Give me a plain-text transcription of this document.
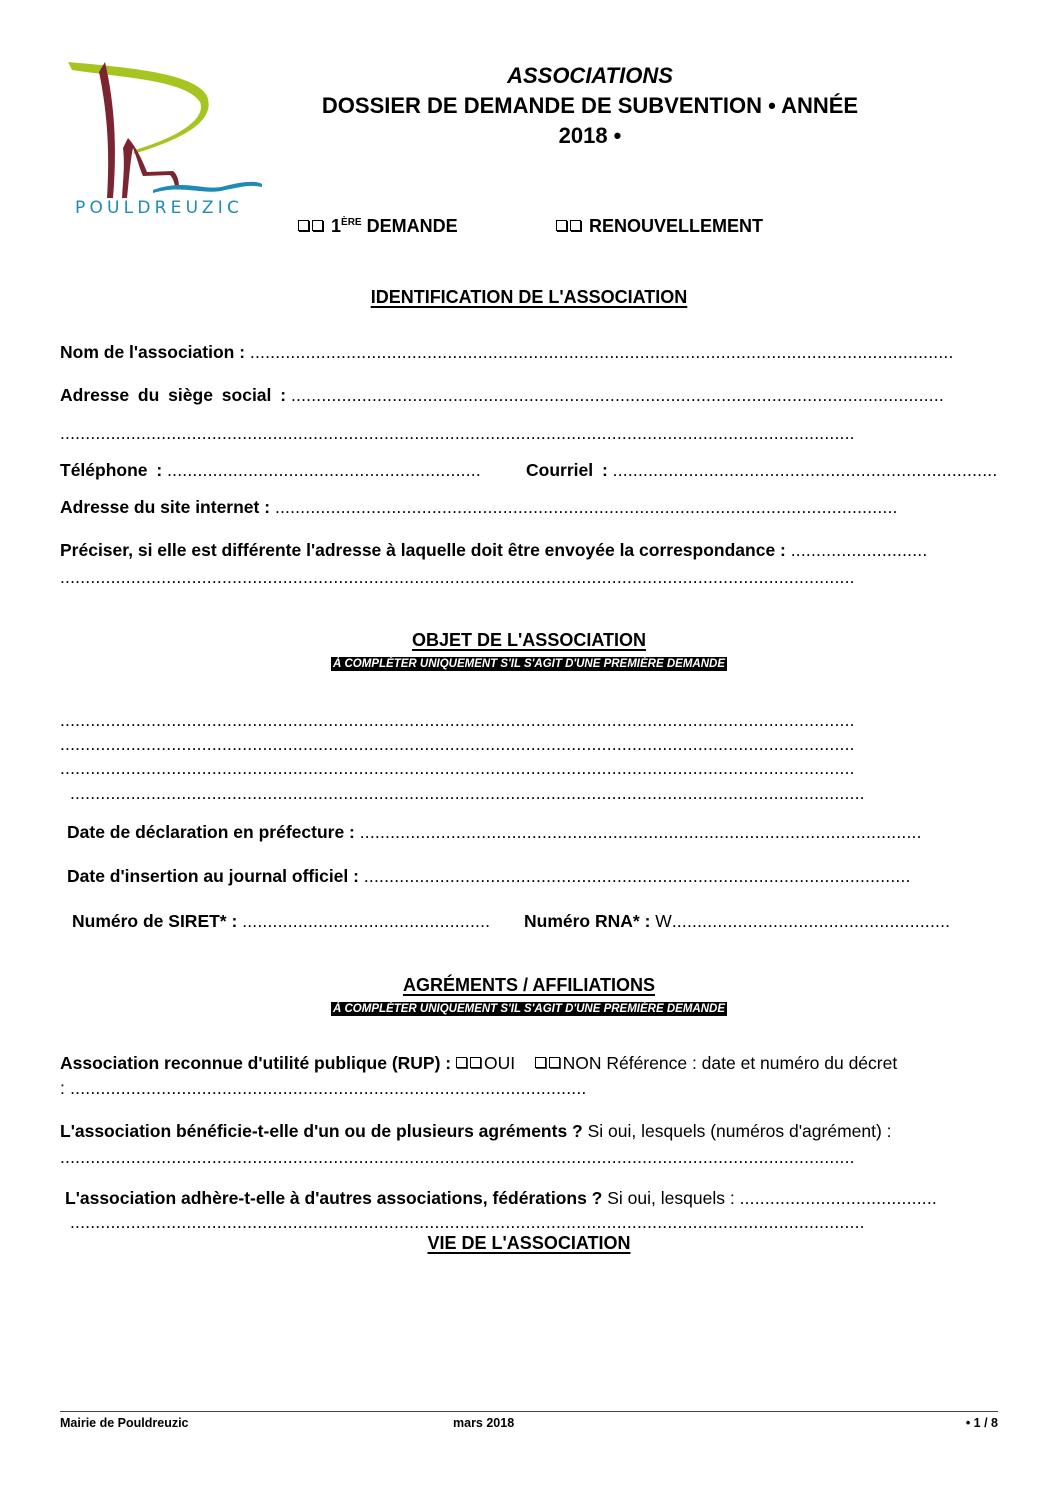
POULDREUZIC
ASSOCIATIONS
DOSSIER DE DEMANDE DE SUBVENTION • ANNÉE
2018 •
1ÈRE DEMANDE	RENOUVELLEMENT
IDENTIFICATION DE L'ASSOCIATION
Nom de l'association : ...........................................................................................................................................
Adresse du siège social : .................................................................................................................................
.............................................................................................................................................................
Téléphone : ..............................................................	Courriel : ............................................................................
Adresse du site internet : ...........................................................................................................................
Préciser, si elle est différente l'adresse à laquelle doit être envoyée la correspondance : ...........................
.............................................................................................................................................................
OBJET DE L'ASSOCIATION
À COMPLÉTER UNIQUEMENT S'IL S'AGIT D'UNE PREMIÈRE DEMANDE
.............................................................................................................................................................
.............................................................................................................................................................
.............................................................................................................................................................
.............................................................................................................................................................
Date de déclaration en préfecture : ...............................................................................................................
Date d'insertion au journal officiel : ............................................................................................................
Numéro de SIRET* : .................................................	Numéro RNA* : W.......................................................
AGRÉMENTS / AFFILIATIONS
À COMPLÉTER UNIQUEMENT S'IL S'AGIT D'UNE PREMIÈRE DEMANDE
Association reconnue d'utilité publique (RUP) : OUI	NON Référence : date et numéro du décret
: ......................................................................................................
L'association bénéficie-t-elle d'un ou de plusieurs agréments ? Si oui, lesquels (numéros d'agrément) :
.............................................................................................................................................................
L'association adhère-t-elle à d'autres associations, fédérations ? Si oui, lesquels : .......................................
.............................................................................................................................................................
VIE DE L'ASSOCIATION
Mairie de Pouldreuzic	mars 2018	• 1 / 8
